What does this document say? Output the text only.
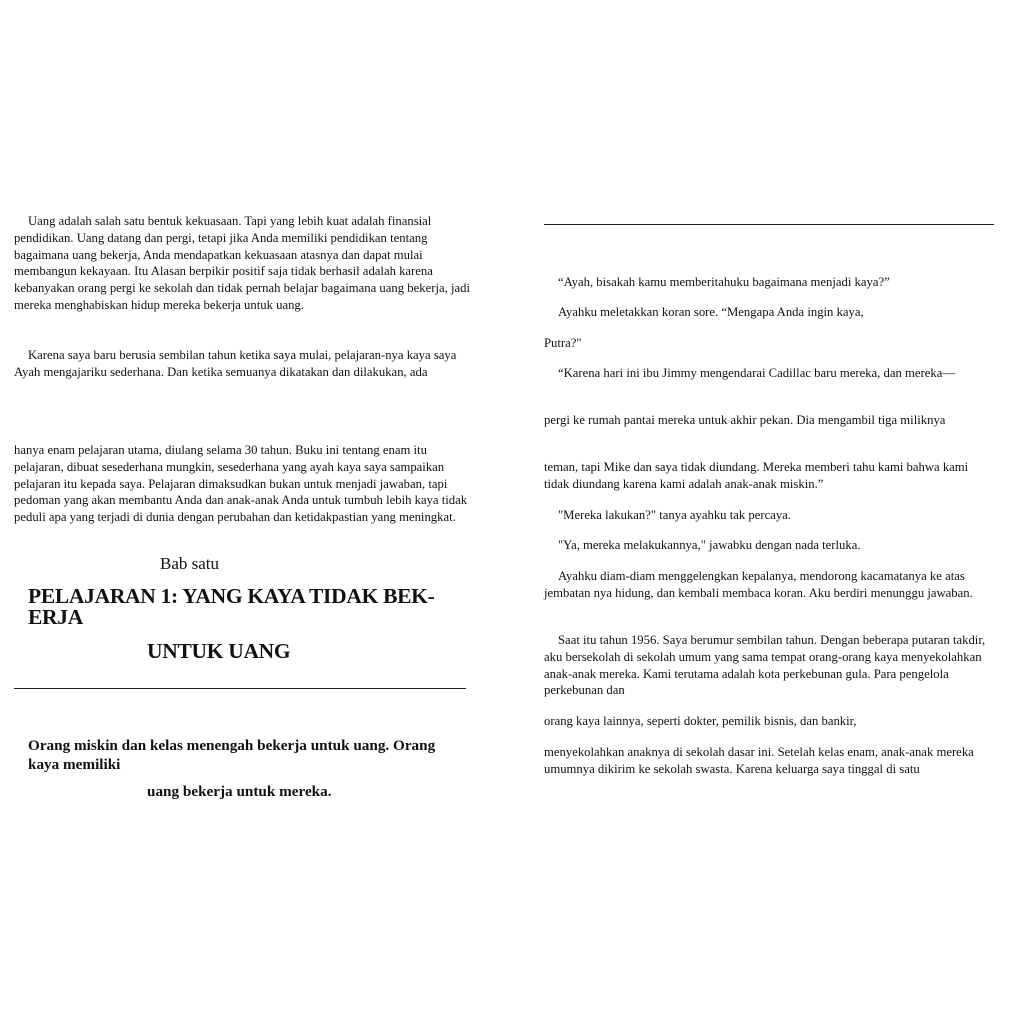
Uang adalah salah satu bentuk kekuasaan. Tapi yang lebih kuat adalah finansial pendidikan. Uang datang dan pergi, tetapi jika Anda memiliki pendidikan tentang bagaimana uang bekerja, Anda mendapatkan kekuasaan atasnya dan dapat mulai membangun kekayaan. Itu Alasan berpikir positif saja tidak berhasil adalah karena kebanyakan orang pergi ke sekolah dan tidak pernah belajar bagaimana uang bekerja, jadi mereka menghabiskan hidup mereka bekerja untuk uang.

Karena saya baru berusia sembilan tahun ketika saya mulai, pelajaran-nya kaya saya Ayah mengajariku sederhana. Dan ketika semuanya dikatakan dan dilakukan, ada

hanya enam pelajaran utama, diulang selama 30 tahun. Buku ini tentang enam itu pelajaran, dibuat sesederhana mungkin, sesederhana yang ayah kaya saya sampaikan pelajaran itu kepada saya. Pelajaran dimaksudkan bukan untuk menjadi jawaban, tapi pedoman yang akan membantu Anda dan anak-anak Anda untuk tumbuh lebih kaya tidak peduli apa yang terjadi di dunia dengan perubahan dan ketidakpastian yang meningkat.

Bab satu
PELAJARAN 1: YANG KAYA TIDAK BEK-ERJA
UNTUK UANG

Orang miskin dan kelas menengah bekerja untuk uang. Orang kaya memiliki

uang bekerja untuk mereka.

“Ayah, bisakah kamu memberitahuku bagaimana menjadi kaya?”

Ayahku meletakkan koran sore. “Mengapa Anda ingin kaya,

Putra?"

“Karena hari ini ibu Jimmy mengendarai Cadillac baru mereka, dan mereka—

pergi ke rumah pantai mereka untuk akhir pekan. Dia mengambil tiga miliknya

teman, tapi Mike dan saya tidak diundang. Mereka memberi tahu kami bahwa kami tidak diundang karena kami adalah anak-anak miskin.”

"Mereka lakukan?" tanya ayahku tak percaya.

"Ya, mereka melakukannya," jawabku dengan nada terluka.

Ayahku diam-diam menggelengkan kepalanya, mendorong kacamatanya ke atas jembatan nya hidung, dan kembali membaca koran. Aku berdiri menunggu jawaban.

Saat itu tahun 1956. Saya berumur sembilan tahun. Dengan beberapa putaran takdir, aku bersekolah di sekolah umum yang sama tempat orang-orang kaya menyekolahkan anak-anak mereka. Kami terutama adalah kota perkebunan gula. Para pengelola perkebunan dan

orang kaya lainnya, seperti dokter, pemilik bisnis, dan bankir,

menyekolahkan anaknya di sekolah dasar ini. Setelah kelas enam, anak-anak mereka umumnya dikirim ke sekolah swasta. Karena keluarga saya tinggal di satu
